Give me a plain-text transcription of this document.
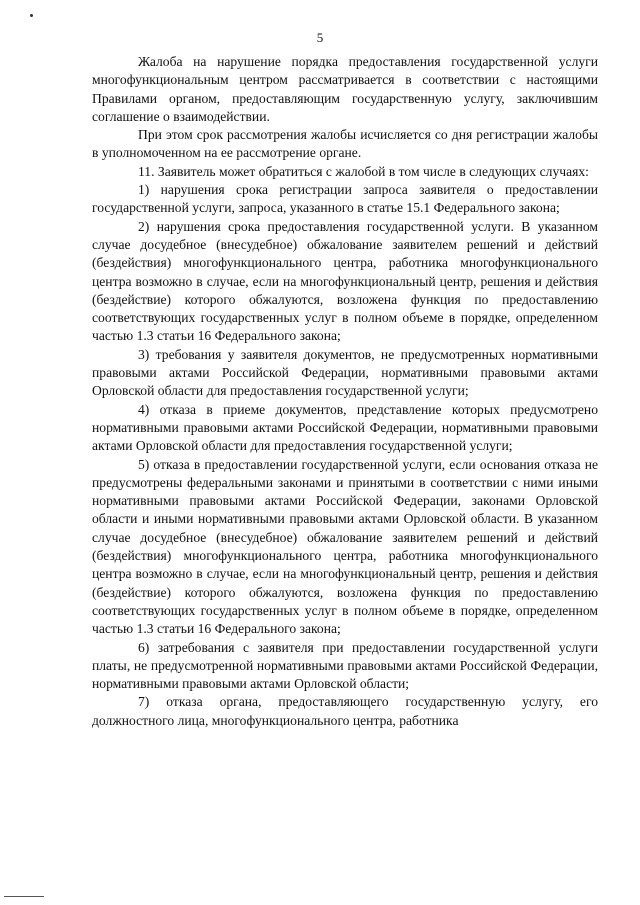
5

Жалоба на нарушение порядка предоставления государственной услуги многофункциональным центром рассматривается в соответствии с настоящими Правилами органом, предоставляющим государственную услугу, заключившим соглашение о взаимодействии.

При этом срок рассмотрения жалобы исчисляется со дня регистрации жалобы в уполномоченном на ее рассмотрение органе.

11. Заявитель может обратиться с жалобой в том числе в следующих случаях:

1) нарушения срока регистрации запроса заявителя о предоставлении государственной услуги, запроса, указанного в статье 15.1 Федерального закона;

2) нарушения срока предоставления государственной услуги. В указанном случае досудебное (внесудебное) обжалование заявителем решений и действий (бездействия) многофункционального центра, работника многофункционального центра возможно в случае, если на многофункциональный центр, решения и действия (бездействие) которого обжалуются, возложена функция по предоставлению соответствующих государственных услуг в полном объеме в порядке, определенном частью 1.3 статьи 16 Федерального закона;

3) требования у заявителя документов, не предусмотренных нормативными правовыми актами Российской Федерации, нормативными правовыми актами Орловской области для предоставления государственной услуги;

4) отказа в приеме документов, представление которых предусмотрено нормативными правовыми актами Российской Федерации, нормативными правовыми актами Орловской области для предоставления государственной услуги;

5) отказа в предоставлении государственной услуги, если основания отказа не предусмотрены федеральными законами и принятыми в соответствии с ними иными нормативными правовыми актами Российской Федерации, законами Орловской области и иными нормативными правовыми актами Орловской области. В указанном случае досудебное (внесудебное) обжалование заявителем решений и действий (бездействия) многофункционального центра, работника многофункционального центра возможно в случае, если на многофункциональный центр, решения и действия (бездействие) которого обжалуются, возложена функция по предоставлению соответствующих государственных услуг в полном объеме в порядке, определенном частью 1.3 статьи 16 Федерального закона;

6) затребования с заявителя при предоставлении государственной услуги платы, не предусмотренной нормативными правовыми актами Российской Федерации, нормативными правовыми актами Орловской области;

7) отказа органа, предоставляющего государственную услугу, его должностного лица, многофункционального центра, работника
